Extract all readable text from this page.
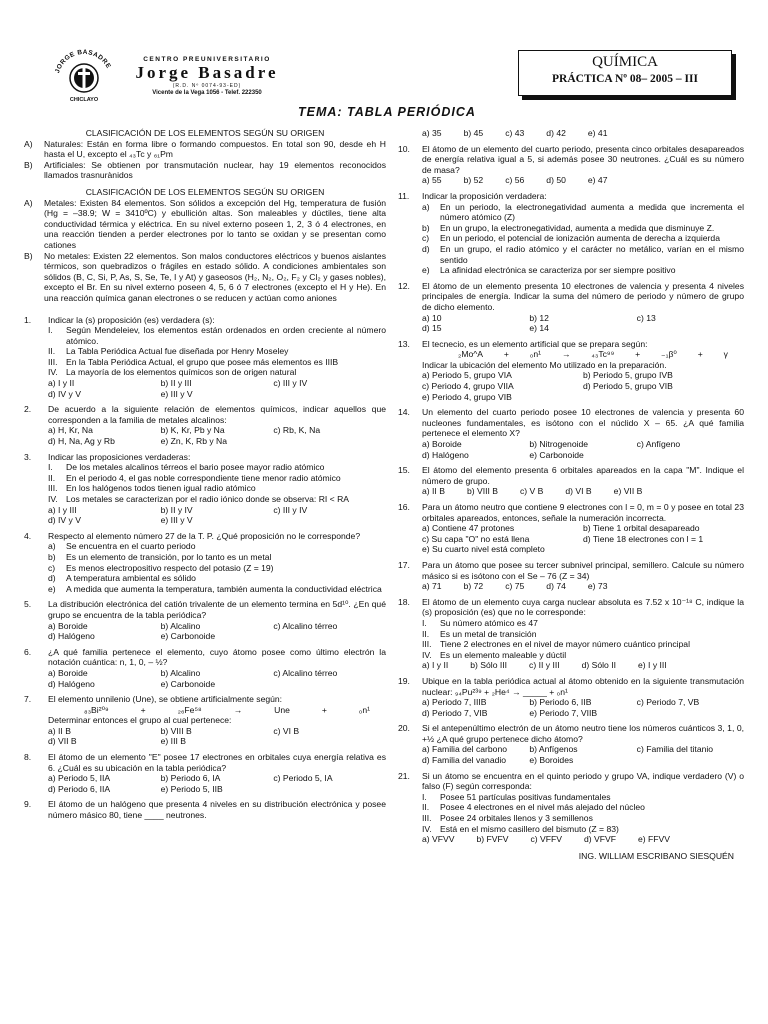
JORGE BASADRE
CHICLAYO
CENTRO PREUNIVERSITARIO
Jorge Basadre
(R.D. Nº 0074-93-ED)
Vicente de la Vega 1056 - Telef. 222350
QUÍMICA
PRÁCTICA Nº 08– 2005 – III
TEMA: TABLA PERIÓDICA

CLASIFICACIÓN DE LOS ELEMENTOS SEGÚN SU ORIGEN

A)	Naturales: Están en forma libre o formando compuestos. En total son 90, desde eh H hasta el U, excepto el ₄₃Tc y ₆₁Pm
B)	Artificiales: Se obtienen por transmutación nuclear, hay 19 elementos reconocidos llamados trasnurànidos

CLASIFICACIÓN DE LOS ELEMENTOS SEGÚN SU ORIGEN

A)	Metales: Existen 84 elementos. Son sólidos a excepción del Hg, temperatura de fusión (Hg = –38.9; W = 3410ºC) y ebullición altas. Son maleables y dúctiles, tiene alta conductividad térmica y eléctrica. En su nivel externo poseen 1, 2, 3 ó 4 electrones, en una reacción tienden a perder electrones por lo tanto se oxidan y se presentan como cationes
B)	No metales: Existen 22 elementos. Son malos conductores eléctricos y buenos aislantes térmicos, son quebradizos o frágiles en estado sólido. A condiciones ambientales son sólidos (B, C, Si, P, As, S, Se, Te, I y At) y gaseosos (H₂, N₂, O₂, F₂ y Cl₂ y gases nobles), excepto el Br. En su nivel externo poseen 4, 5, 6 ó 7 electrones (excepto el H y He). En una reacción química ganan electrones o se reducen y actúan como aniones
1.	Indicar la (s) proposición (es) verdadera (s):
I.	Según Mendeleiev, los elementos están ordenados en orden creciente al número atómico.
II.	La Tabla Periódica Actual fue diseñada por Henry Moseley
III. En la Tabla Periódica Actual, el grupo que posee más elementos es IIIB
IV. La mayoría de los elementos químicos son de origen natural
a) I y II	b) II y III	c) III y IV
d) IV y V	e) III y V
2.	De acuerdo a la siguiente relación de elementos químicos, indicar aquellos que corresponden a la familia de metales alcalinos:
a) H, Kr, Na	b) K, Kr, Pb y Na	c) Rb, K, Na
d) H, Na, Ag y Rb	e) Zn, K, Rb y Na
3.	Indicar las proposiciones verdaderas:
I.	De los metales alcalinos térreos el bario posee mayor radio atómico
II.	En el periodo 4, el gas noble correspondiente tiene menor radio atómico
III. En los halógenos todos tienen igual radio atómico
IV. Los metales se caracterizan por el radio iónico donde se observa: RI < RA
a) I y III	b) II y IV	c) III y IV
d) IV y V	e) III y V
4.	Respecto al elemento número 27 de la T. P. ¿Qué proposición no le corresponde?
a)	Se encuentra en el cuarto periodo
b)	Es un elemento de transición, por lo tanto es un metal
c)	Es menos electropositivo respecto del potasio (Z = 19)
d)	A temperatura ambiental es sólido
e)	A medida que aumenta la temperatura, también aumenta la conductividad eléctrica
5.	La distribución electrónica del catión trivalente de un elemento termina en 5d¹⁰. ¿En qué grupo se encuentra de la tabla periódica?
a) Boroide	b) Alcalino	c) Alcalino térreo
d) Halógeno	e) Carbonoide
6.	¿A qué familia pertenece el elemento, cuyo átomo posee como último electrón la notación cuántica: n, 1, 0, – ½?
a) Boroide	b) Alcalino	c) Alcalino térreo
d) Halógeno	e) Carbonoide
7.	El elemento unnilenio (Une), se obtiene artificialmente según:
₈₃Bi²⁰⁹	+	₂₆Fe⁵⁸	→	Une	+	₀n¹
Determinar entonces el grupo al cual pertenece:
a) II B	b) VIII B	c) VI B
d) VII B	e) III B
8.	El átomo de un elemento "E" posee 17 electrones en orbitales cuya energía relativa es 6. ¿Cuál es su ubicación en la tabla periódica?
a) Periodo 5, IIA	b) Periodo 6, IA	c) Periodo 5, IA
d) Periodo 6, IIA	e) Periodo 5, IIB
9.	El átomo de un halógeno que presenta 4 niveles en su distribución electrónica y posee número másico 80, tiene ____ neutrones.
a) 35	b) 45	c) 43	d) 42	e) 41
10.	El átomo de un elemento del cuarto periodo, presenta cinco orbitales desapareados de energía relativa igual a 5, si además posee 30 neutrones. ¿Cuál es su número de masa?
a) 55	b) 52	c) 56	d) 50	e) 47
11.	Indicar la proposición verdadera:
a)	En un periodo, la electronegatividad aumenta a medida que incrementa el número atómico (Z)
b)	En un grupo, la electronegatividad, aumenta a medida que disminuye Z.
c)	En un periodo, el potencial de ionización aumenta de derecha a izquierda
d)	En un grupo, el radio atómico y el carácter no metálico, varían en el mismo sentido
e)	La afinidad electrónica se caracteriza por ser siempre positivo
12.	El átomo de un elemento presenta 10 electrones de valencia y presenta 4 niveles principales de energía. Indicar la suma del número de periodo y número de grupo de dicho elemento.
a) 10	b) 12	c) 13
d) 15	e) 14
13.	El tecnecio, es un elemento artificial que se prepara según:
₂Mo^A + ₀n¹ → ₄₃Tc⁹⁹ + ₋₁β⁰ + γ
Indicar la ubicación del elemento Mo utilizado en la preparación.
a) Periodo 5, grupo VIA	b) Periodo 5, grupo IVB
c) Periodo 4, grupo VIIA	d) Periodo 5, grupo VIB
e) Periodo 4, grupo VIB
14.	Un elemento del cuarto periodo posee 10 electrones de valencia y presenta 60 nucleones fundamentales, es isótono con el núclido X – 65. ¿A qué familia pertenece el elemento X?
a) Boroide	b) Nitrogenoide	c) Anfígeno
d) Halógeno	e) Carbonoide
15.	El átomo del elemento presenta 6 orbitales apareados en la capa "M". Indique el número de grupo.
a) II B	b) VIII B	c) V B	d) VI B	e) VII B
16.	Para un átomo neutro que contiene 9 electrones con l = 0, m = 0 y posee en total 23 orbitales apareados, entonces, señale la numeración incorrecta.
a) Contiene 47 protones	b) Tiene 1 orbital desapareado
c) Su capa "O" no está llena	d) Tiene 18 electrones con l = 1
e) Su cuarto nivel está completo
17.	Para un átomo que posee su tercer subnivel principal, semillero. Calcule su número másico si es isótono con el Se – 76 (Z = 34)
a) 71	b) 72	c) 75	d) 74	e) 73
18.	El átomo de un elemento cuya carga nuclear absoluta es 7.52 x 10⁻¹⁸ C, indique la (s) proposición (es) que no le corresponde:
I.	Su número atómico es 47
II.	Es un metal de transición
III. Tiene 2 electrones en el nivel de mayor número cuántico principal
IV. Es un elemento maleable y dúctil
a) I y II	b) Sólo III	c) II y III	d) Sólo II	e) I y III
19.	Ubique en la tabla periódica actual al átomo obtenido en la siguiente transmutación nuclear: ₉₄Pu²³⁹ + ₂He⁴ → _____ + ₀n¹
a) Periodo 7, IIIB	b) Periodo 6, IIB	c) Periodo 7, VB
d) Periodo 7, VIB	e) Periodo 7, VIIB
20.	Si el antepenúltimo electrón de un átomo neutro tiene los números cuánticos 3, 1, 0, +½ ¿A qué grupo pertenece dicho átomo?
a) Familia del carbono	b) Anfígenos	c) Familia del titanio
d) Familia del vanadio	e) Boroides
21.	Si un átomo se encuentra en el quinto periodo y grupo VA, indique verdadero (V) o falso (F) según corresponda:
I.	Posee 51 partículas positivas fundamentales
II.	Posee 4 electrones en el nivel más alejado del núcleo
III. Posee 24 orbitales llenos y 3 semillenos
IV. Está en el mismo casillero del bismuto (Z = 83)
a) VFVV	b) FVFV	c) VFFV	d) VFVF	e) FFVV
ING. WILLIAM ESCRIBANO SIESQUÉN
